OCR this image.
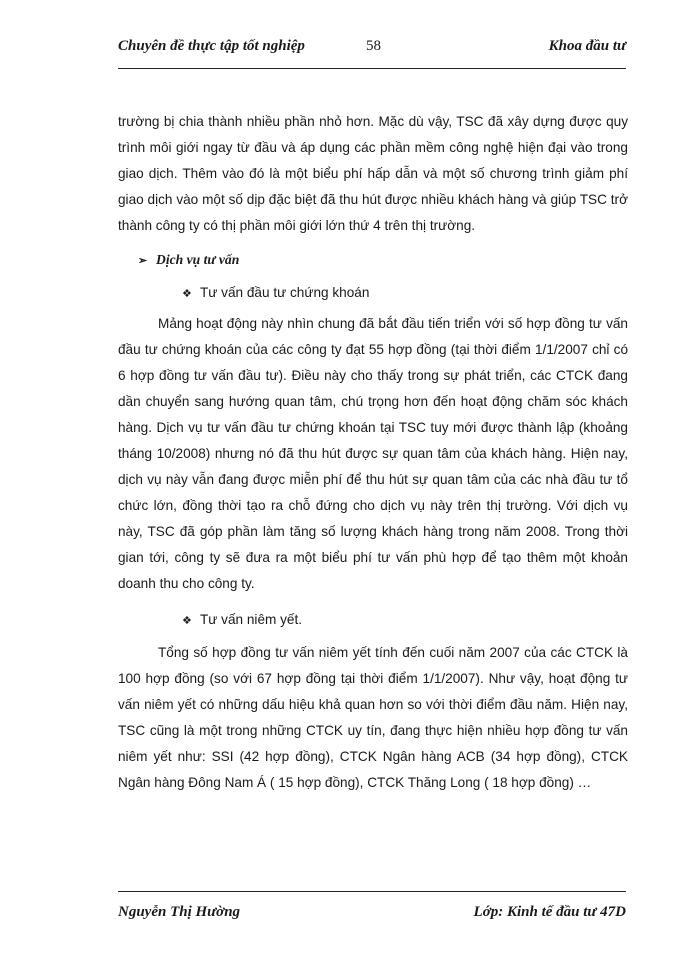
Chuyên đề thực tập tốt nghiệp	58	Khoa đầu tư

trường bị chia thành nhiều phần nhỏ hơn. Mặc dù vậy, TSC đã xây dựng được quy trình môi giới ngay từ đầu và áp dụng các phần mềm công nghệ hiện đại vào trong giao dịch. Thêm vào đó là một biểu phí hấp dẫn và một số chương trình giảm phí giao dịch vào một số dịp đặc biệt đã thu hút được nhiều khách hàng và giúp TSC trở thành công ty có thị phần môi giới lớn thứ 4 trên thị trường.

➢ Dịch vụ tư vấn
❖ Tư vấn đầu tư chứng khoán

Mảng hoạt động này nhìn chung đã bắt đầu tiến triển với số hợp đồng tư vấn đầu tư chứng khoán của các công ty đạt 55 hợp đồng (tại thời điểm 1/1/2007 chỉ có 6 hợp đồng tư vấn đầu tư). Điều này cho thấy trong sự phát triển, các CTCK đang dần chuyển sang hướng quan tâm, chú trọng hơn đến hoạt động chăm sóc khách hàng. Dịch vụ tư vấn đầu tư chứng khoán tại TSC tuy mới được thành lập (khoảng tháng 10/2008) nhưng nó đã thu hút được sự quan tâm của khách hàng. Hiện nay, dịch vụ này vẫn đang được miễn phí để thu hút sự quan tâm của các nhà đầu tư tổ chức lớn, đồng thời tạo ra chỗ đứng cho dịch vụ này trên thị trường. Với dịch vụ này, TSC đã góp phần làm tăng số lượng khách hàng trong năm 2008. Trong thời gian tới, công ty sẽ đưa ra một biểu phí tư vấn phù hợp để tạo thêm một khoản doanh thu cho công ty.

❖ Tư vấn niêm yết.

Tổng số hợp đồng tư vấn niêm yết tính đến cuối năm 2007 của các CTCK là 100 hợp đồng (so với 67 hợp đồng tại thời điểm 1/1/2007). Như vậy, hoạt động tư vấn niêm yết có những dấu hiệu khả quan hơn so với thời điểm đầu năm. Hiện nay, TSC cũng là một trong những CTCK uy tín, đang thực hiện nhiều hợp đồng tư vấn niêm yết như: SSI (42 hợp đồng), CTCK Ngân hàng ACB (34 hợp đồng), CTCK Ngân hàng Đông Nam Á ( 15 hợp đồng), CTCK Thăng Long ( 18 hợp đồng) …

Nguyễn Thị Hường	Lớp: Kinh tế đầu tư 47D
